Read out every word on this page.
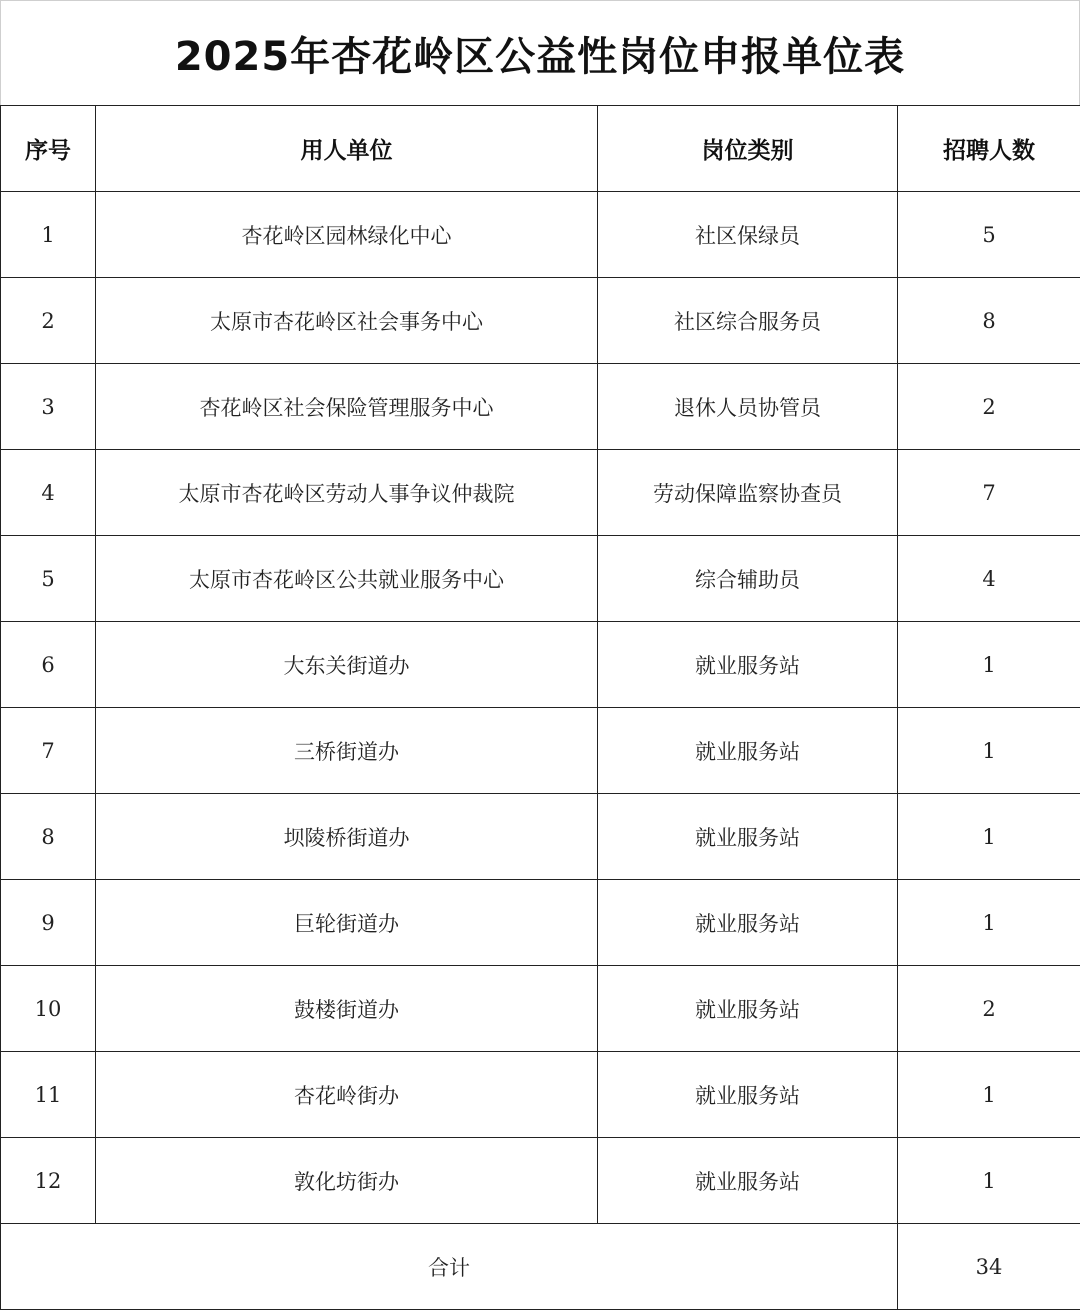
2025年杏花岭区公益性岗位申报单位表
序号	用人单位	岗位类别	招聘人数
1	杏花岭区园林绿化中心	社区保绿员	5
2	太原市杏花岭区社会事务中心	社区综合服务员	8
3	杏花岭区社会保险管理服务中心	退休人员协管员	2
4	太原市杏花岭区劳动人事争议仲裁院	劳动保障监察协查员	7
5	太原市杏花岭区公共就业服务中心	综合辅助员	4
6	大东关街道办	就业服务站	1
7	三桥街道办	就业服务站	1
8	坝陵桥街道办	就业服务站	1
9	巨轮街道办	就业服务站	1
10	鼓楼街道办	就业服务站	2
11	杏花岭街办	就业服务站	1
12	敦化坊街办	就业服务站	1
合计			34
